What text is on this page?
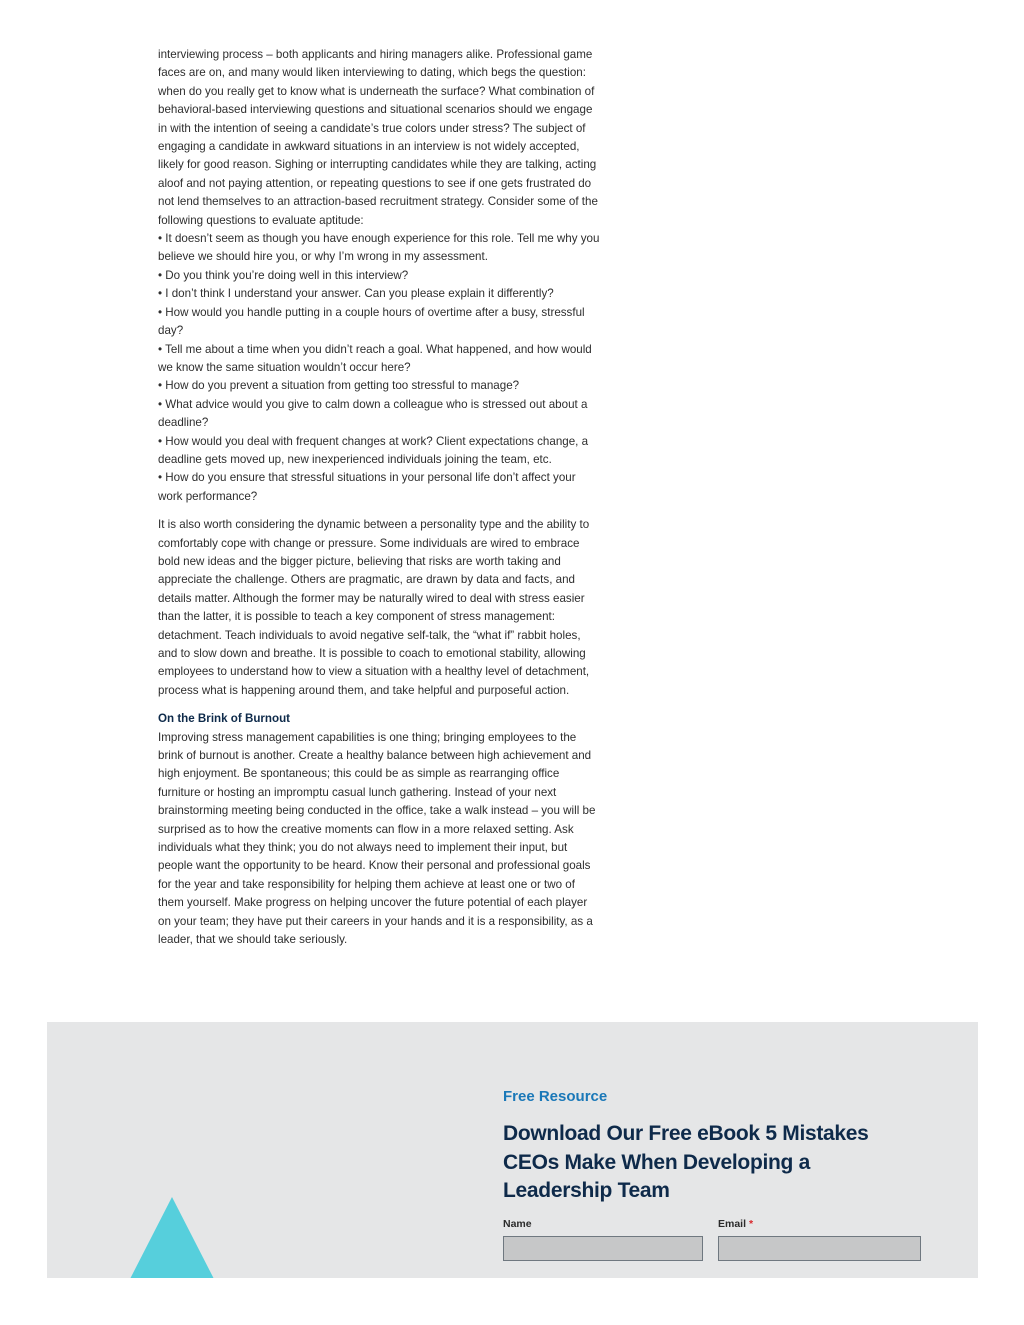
interviewing process – both applicants and hiring managers alike. Professional game faces are on, and many would liken interviewing to dating, which begs the question: when do you really get to know what is underneath the surface? What combination of behavioral-based interviewing questions and situational scenarios should we engage in with the intention of seeing a candidate’s true colors under stress? The subject of engaging a candidate in awkward situations in an interview is not widely accepted, likely for good reason. Sighing or interrupting candidates while they are talking, acting aloof and not paying attention, or repeating questions to see if one gets frustrated do not lend themselves to an attraction-based recruitment strategy. Consider some of the following questions to evaluate aptitude:

• It doesn’t seem as though you have enough experience for this role. Tell me why you believe we should hire you, or why I’m wrong in my assessment.

• Do you think you’re doing well in this interview?

• I don’t think I understand your answer. Can you please explain it differently?

• How would you handle putting in a couple hours of overtime after a busy, stressful day?

• Tell me about a time when you didn’t reach a goal. What happened, and how would we know the same situation wouldn’t occur here?

• How do you prevent a situation from getting too stressful to manage?

• What advice would you give to calm down a colleague who is stressed out about a deadline?

• How would you deal with frequent changes at work? Client expectations change, a deadline gets moved up, new inexperienced individuals joining the team, etc.

• How do you ensure that stressful situations in your personal life don’t affect your work performance?

It is also worth considering the dynamic between a personality type and the ability to comfortably cope with change or pressure. Some individuals are wired to embrace bold new ideas and the bigger picture, believing that risks are worth taking and appreciate the challenge. Others are pragmatic, are drawn by data and facts, and details matter. Although the former may be naturally wired to deal with stress easier than the latter, it is possible to teach a key component of stress management: detachment. Teach individuals to avoid negative self-talk, the “what if” rabbit holes, and to slow down and breathe. It is possible to coach to emotional stability, allowing employees to understand how to view a situation with a healthy level of detachment, process what is happening around them, and take helpful and purposeful action.

On the Brink of Burnout

Improving stress management capabilities is one thing; bringing employees to the brink of burnout is another. Create a healthy balance between high achievement and high enjoyment. Be spontaneous; this could be as simple as rearranging office furniture or hosting an impromptu casual lunch gathering. Instead of your next brainstorming meeting being conducted in the office, take a walk instead – you will be surprised as to how the creative moments can flow in a more relaxed setting. Ask individuals what they think; you do not always need to implement their input, but people want the opportunity to be heard. Know their personal and professional goals for the year and take responsibility for helping them achieve at least one or two of them yourself. Make progress on helping uncover the future potential of each player on your team; they have put their careers in your hands and it is a responsibility, as a leader, that we should take seriously.

Free Resource
Download Our Free eBook 5 Mistakes CEOs Make When Developing a Leadership Team
Name	Email *
